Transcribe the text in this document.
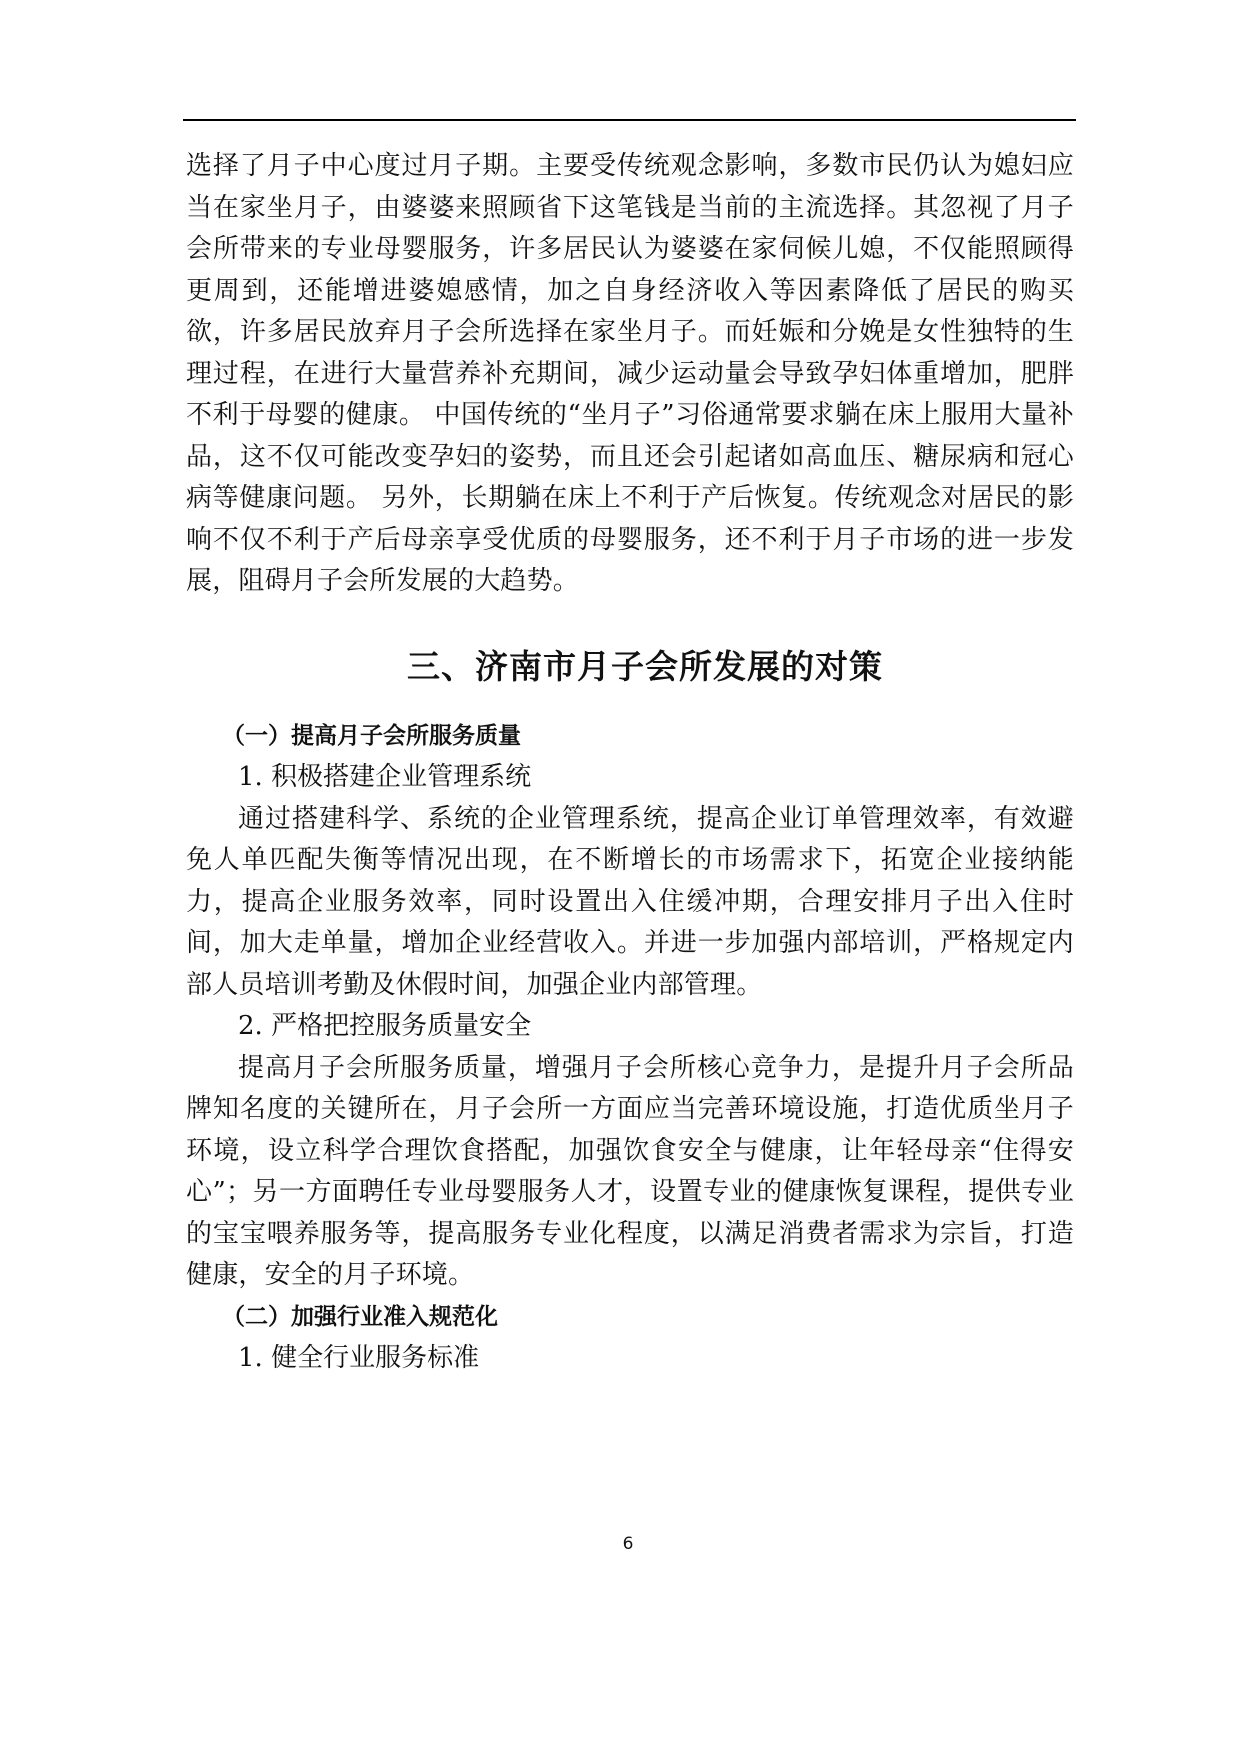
选择了月子中心度过月子期。主要受传统观念影响，多数市民仍认为媳妇应当在家坐月子，由婆婆来照顾省下这笔钱是当前的主流选择。其忽视了月子会所带来的专业母婴服务，许多居民认为婆婆在家伺候儿媳，不仅能照顾得更周到，还能增进婆媳感情，加之自身经济收入等因素降低了居民的购买欲，许多居民放弃月子会所选择在家坐月子。而妊娠和分娩是女性独特的生理过程，在进行大量营养补充期间，减少运动量会导致孕妇体重增加，肥胖不利于母婴的健康。 中国传统的“坐月子”习俗通常要求躺在床上服用大量补品，这不仅可能改变孕妇的姿势，而且还会引起诸如高血压、糖尿病和冠心病等健康问题。 另外，长期躺在床上不利于产后恢复。传统观念对居民的影响不仅不利于产后母亲享受优质的母婴服务，还不利于月子市场的进一步发展，阻碍月子会所发展的大趋势。

三、济南市月子会所发展的对策
（一）提高月子会所服务质量
1. 积极搭建企业管理系统

通过搭建科学、系统的企业管理系统，提高企业订单管理效率，有效避免人单匹配失衡等情况出现，在不断增长的市场需求下，拓宽企业接纳能力，提高企业服务效率，同时设置出入住缓冲期，合理安排月子出入住时间，加大走单量，增加企业经营收入。并进一步加强内部培训，严格规定内部人员培训考勤及休假时间，加强企业内部管理。

2. 严格把控服务质量安全

提高月子会所服务质量，增强月子会所核心竞争力，是提升月子会所品牌知名度的关键所在，月子会所一方面应当完善环境设施，打造优质坐月子环境，设立科学合理饮食搭配，加强饮食安全与健康，让年轻母亲“住得安心”；另一方面聘任专业母婴服务人才，设置专业的健康恢复课程，提供专业的宝宝喂养服务等，提高服务专业化程度，以满足消费者需求为宗旨，打造健康，安全的月子环境。

（二）加强行业准入规范化
1. 健全行业服务标准
6
